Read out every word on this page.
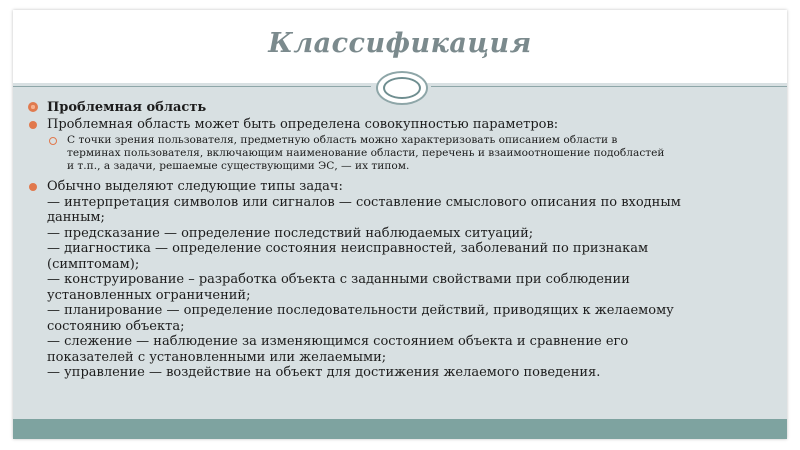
Классификация
Проблемная область
Проблемная область может быть определена совокупностью параметров:
С точки зрения пользователя, предметную область можно характеризовать описанием области в
терминах пользователя, включающим наименование области, перечень и взаимоотношение подобластей
и т.п., а задачи, решаемые существующими ЭС, — их типом.
Обычно выделяют следующие типы задач:
— интерпретация символов или сигналов — составление смыслового описания по входным
данным;
— предсказание — определение последствий наблюдаемых ситуаций;
— диагностика — определение состояния неисправностей, заболеваний по признакам
(симптомам);
— конструирование – разработка объекта с заданными свойствами при соблюдении
установленных ограничений;
— планирование — определение последовательности действий, приводящих к желаемому
состоянию объекта;
— слежение — наблюдение за изменяющимся состоянием объекта и сравнение его
показателей с установленными или желаемыми;
— управление — воздействие на объект для достижения желаемого поведения.
